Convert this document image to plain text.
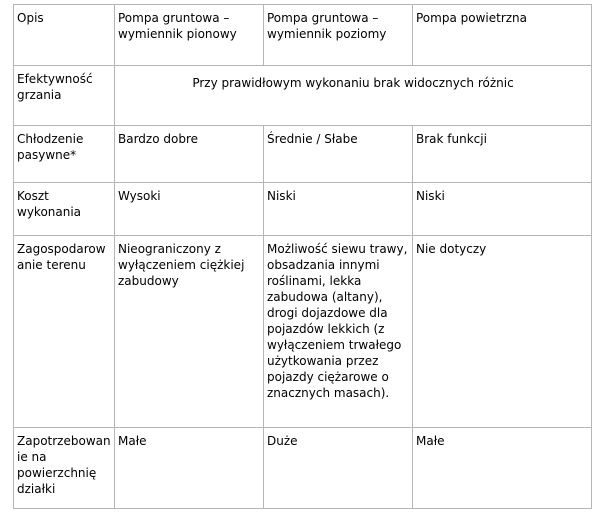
Opis	Pompa gruntowa – wymiennik pionowy	Pompa gruntowa – wymiennik poziomy	Pompa powietrzna
Efektywność grzania	Przy prawidłowym wykonaniu brak widocznych różnic		
Chłodzenie pasywne*	Bardzo dobre	Średnie / Słabe	Brak funkcji
Koszt wykonania	Wysoki	Niski	Niski
Zagospodarowanie terenu	Nieograniczony z wyłączeniem ciężkiej zabudowy	Możliwość siewu trawy, obsadzania innymi roślinami, lekka zabudowa (altany), drogi dojazdowe dla pojazdów lekkich (z wyłączeniem trwałego użytkowania przez pojazdy ciężarowe o znacznych masach).	Nie dotyczy
Zapotrzebowanie na powierzchnię działki	Małe	Duże	Małe
